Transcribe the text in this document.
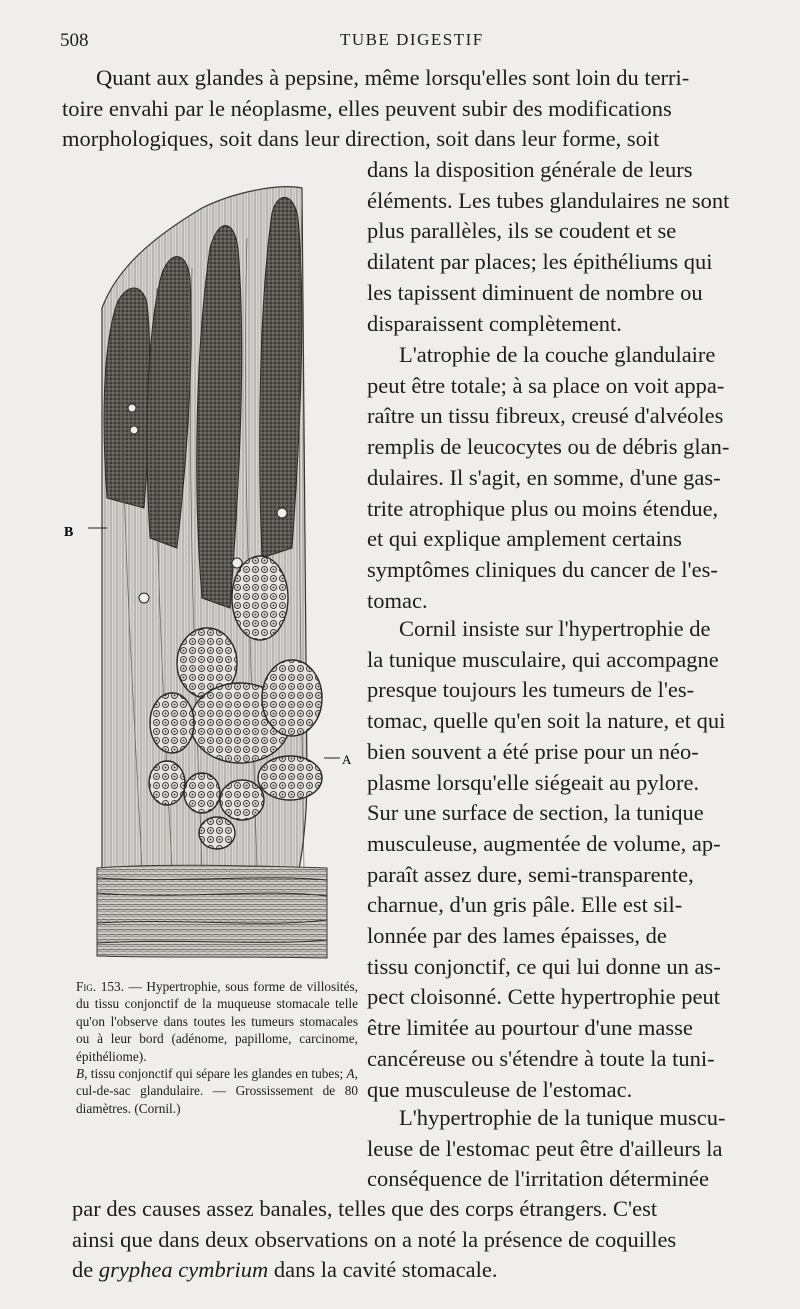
508	TUBE DIGESTIF
Quant aux glandes à pepsine, même lorsqu'elles sont loin du terri-
toire envahi par le néoplasme, elles peuvent subir des modifications
morphologiques, soit dans leur direction, soit dans leur forme, soit
dans la disposition générale de leurs
éléments. Les tubes glandulaires ne sont
plus parallèles, ils se coudent et se
dilatent par places; les épithéliums qui
les tapissent diminuent de nombre ou
disparaissent complètement.
L'atrophie de la couche glandulaire
peut être totale; à sa place on voit appa-
raître un tissu fibreux, creusé d'alvéoles
remplis de leucocytes ou de débris glan-
dulaires. Il s'agit, en somme, d'une gas-
trite atrophique plus ou moins étendue,
et qui explique amplement certains
symptômes cliniques du cancer de l'es-
tomac.
Cornil insiste sur l'hypertrophie de
la tunique musculaire, qui accompagne
presque toujours les tumeurs de l'es-
tomac, quelle qu'en soit la nature, et qui
bien souvent a été prise pour un néo-
plasme lorsqu'elle siégeait au pylore.
Sur une surface de section, la tunique
musculeuse, augmentée de volume, ap-
paraît assez dure, semi-transparente,
charnue, d'un gris pâle. Elle est sil-
lonnée par des lames épaisses, de
tissu conjonctif, ce qui lui donne un as-
pect cloisonné. Cette hypertrophie peut
être limitée au pourtour d'une masse
cancéreuse ou s'étendre à toute la tuni-
que musculeuse de l'estomac.
L'hypertrophie de la tunique muscu-
leuse de l'estomac peut être d'ailleurs la
conséquence de l'irritation déterminée
par des causes assez banales, telles que des corps étrangers. C'est
ainsi que dans deux observations on a noté la présence de coquilles
de gryphea cymbrium dans la cavité stomacale.
B
A

Fig. 153. — Hypertrophie, sous forme de villosités, du tissu conjonctif de la muqueuse stomacale telle qu'on l'observe dans toutes les tumeurs stomacales ou à leur bord (adénome, papillome, carcinome, épithéliome).
B, tissu conjonctif qui sépare les glandes en tubes; A, cul-de-sac glandulaire. — Grossissement de 80 diamètres. (Cornil.)
